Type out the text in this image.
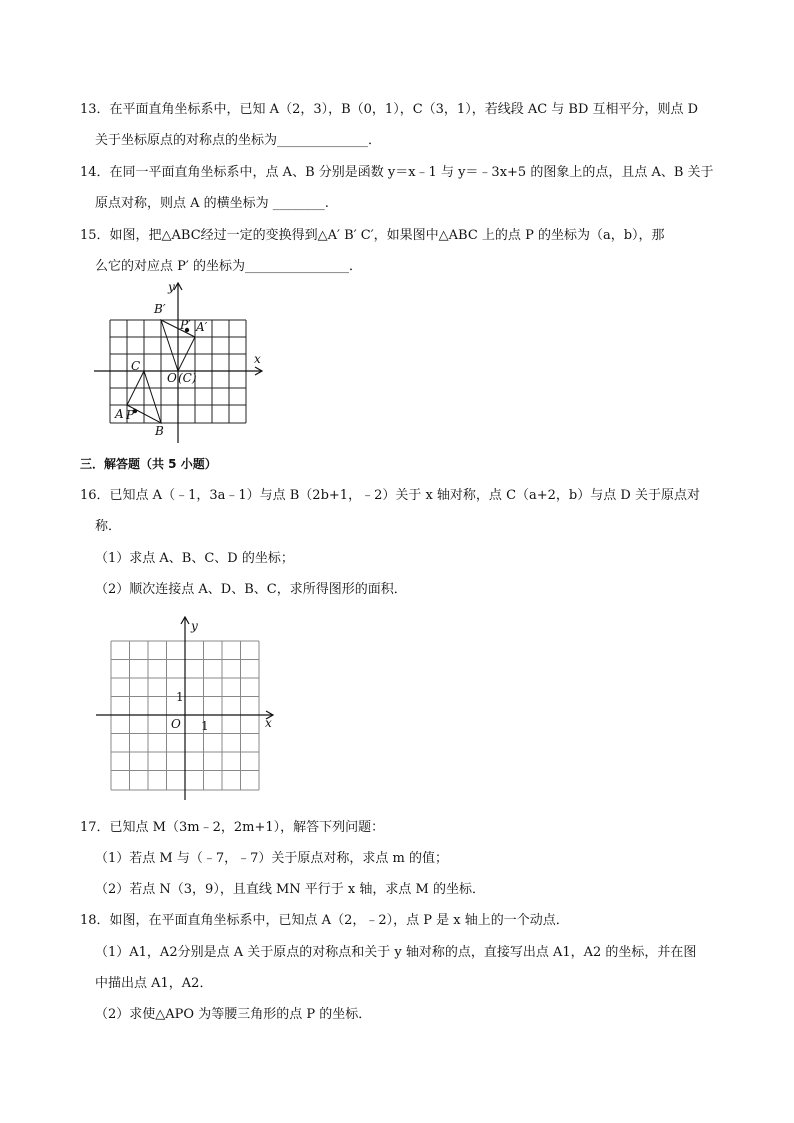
13．在平面直角坐标系中，已知 A（2，3），B（0，1），C（3，1），若线段 AC 与 BD 互相平分，则点 D
关于坐标原点的对称点的坐标为______________．
14．在同一平面直角坐标系中，点 A、B 分别是函数 y＝x﹣1 与 y＝﹣3x+5 的图象上的点，且点 A、B 关于
原点对称，则点 A 的横坐标为 ________.
15．如图，把△ABC经过一定的变换得到△A′ B′ C′，如果图中△ABC 上的点 P 的坐标为（a，b），那
么它的对应点 P′ 的坐标为________________．
y
x
B′
P′ A′
C
O (C)
A P
B
三．解答题（共 5 小题）
16．已知点 A（﹣1，3a﹣1）与点 B（2b+1，﹣2）关于 x 轴对称，点 C（a+2，b）与点 D 关于原点对
称．
（1）求点 A、B、C、D 的坐标；
（2）顺次连接点 A、D、B、C，求所得图形的面积．
y
x
1
O 1
17．已知点 M（3m﹣2，2m+1），解答下列问题：
（1）若点 M 与（﹣7，﹣7）关于原点对称，求点 m 的值；
（2）若点 N（3，9），且直线 MN 平行于 x 轴，求点 M 的坐标．
18．如图，在平面直角坐标系中，已知点 A（2，﹣2），点 P 是 x 轴上的一个动点．
（1）A1，A2分别是点 A 关于原点的对称点和关于 y 轴对称的点，直接写出点 A1，A2 的坐标，并在图
中描出点 A1，A2．
（2）求使△APO 为等腰三角形的点 P 的坐标．
